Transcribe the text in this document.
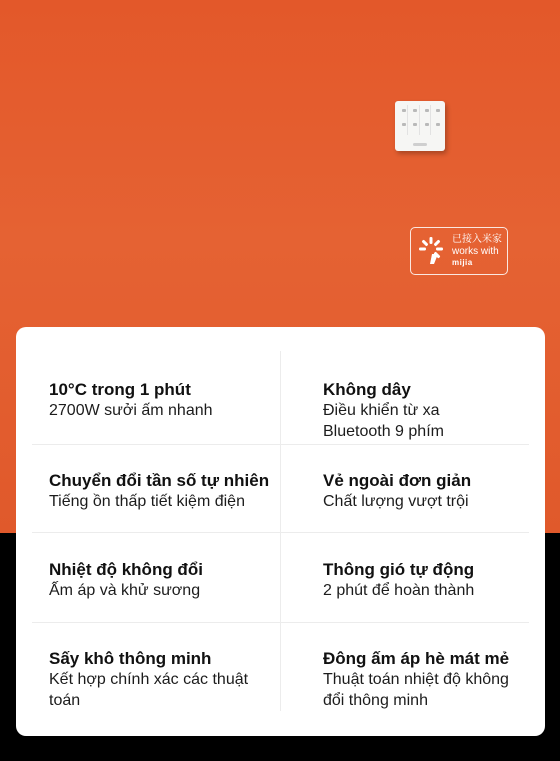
已接入米家
works with
mijia
10°C trong 1 phút
2700W sưởi ấm nhanh
Không dây
Điều khiển từ xa Bluetooth 9 phím
Chuyển đổi tần số tự nhiên
Tiếng ồn thấp tiết kiệm điện
Vẻ ngoài đơn giản
Chất lượng vượt trội
Nhiệt độ không đổi
Ấm áp và khử sương
Thông gió tự động
2 phút để hoàn thành
Sấy khô thông minh
Kết hợp chính xác các thuật toán
Đông ấm áp hè mát mẻ
Thuật toán nhiệt độ không đổi thông minh
